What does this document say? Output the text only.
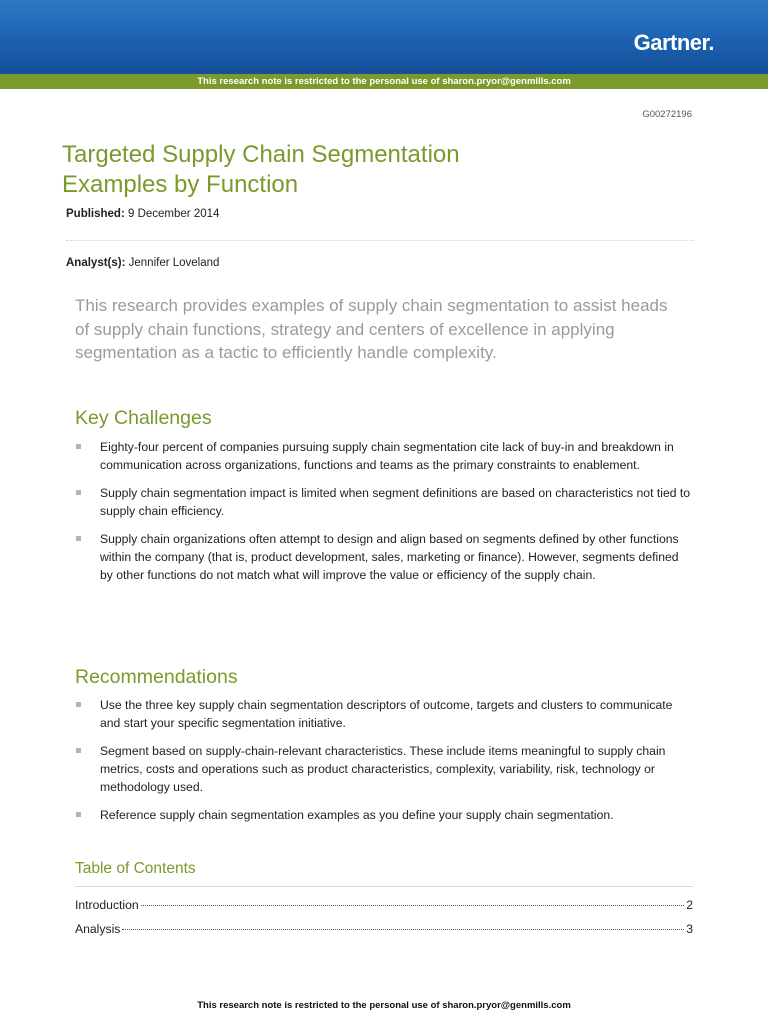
Gartner.
This research note is restricted to the personal use of sharon.pryor@genmills.com
G00272196
Targeted Supply Chain Segmentation
Examples by Function
Published: 9 December 2014
Analyst(s): Jennifer Loveland
This research provides examples of supply chain segmentation to assist heads of supply chain functions, strategy and centers of excellence in applying segmentation as a tactic to efficiently handle complexity.
Key Challenges
Eighty-four percent of companies pursuing supply chain segmentation cite lack of buy-in and breakdown in communication across organizations, functions and teams as the primary constraints to enablement.
Supply chain segmentation impact is limited when segment definitions are based on characteristics not tied to supply chain efficiency.
Supply chain organizations often attempt to design and align based on segments defined by other functions within the company (that is, product development, sales, marketing or finance). However, segments defined by other functions do not match what will improve the value or efficiency of the supply chain.
Recommendations
Use the three key supply chain segmentation descriptors of outcome, targets and clusters to communicate and start your specific segmentation initiative.
Segment based on supply-chain-relevant characteristics. These include items meaningful to supply chain metrics, costs and operations such as product characteristics, complexity, variability, risk, technology or methodology used.
Reference supply chain segmentation examples as you define your supply chain segmentation.
Table of Contents
Introduction	2
Analysis	3
This research note is restricted to the personal use of sharon.pryor@genmills.com
